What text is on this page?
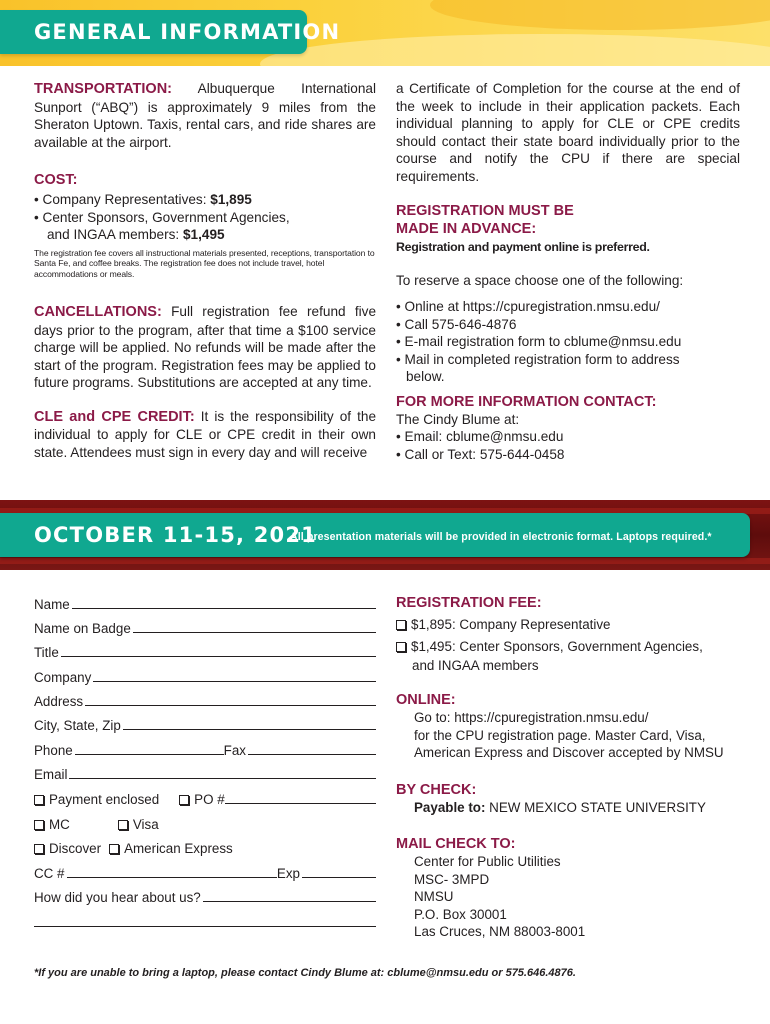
GENERAL INFORMATION

TRANSPORTATION: Albuquerque International Sunport (“ABQ”) is approximately 9 miles from the Sheraton Uptown. Taxis, rental cars, and ride shares are available at the airport.

COST:

• Company Representatives: $1,895

• Center Sponsors, Government Agencies,

and INGAA members: $1,495

The registration fee covers all instructional materials presented, receptions, transportation to Santa Fe, and coffee breaks. The registration fee does not include travel, hotel accommodations or meals.

CANCELLATIONS: Full registration fee refund five days prior to the program, after that time a $100 service charge will be applied. No refunds will be made after the start of the program. Registration fees may be applied to future programs. Substitutions are accepted at any time.

CLE and CPE CREDIT: It is the responsibility of the individual to apply for CLE or CPE credit in their own state. Attendees must sign in every day and will receive

a Certificate of Completion for the course at the end of the week to include in their application packets. Each individual planning to apply for CLE or CPE credits should contact their state board individually prior to the course and notify the CPU if there are special requirements.

REGISTRATION MUST BE

MADE IN ADVANCE:

Registration and payment online is preferred.

To reserve a space choose one of the following:

• Online at https://cpuregistration.nmsu.edu/

• Call 575-646-4876

• E-mail registration form to cblume@nmsu.edu

• Mail in completed registration form to address

below.

FOR MORE INFORMATION CONTACT:

The Cindy Blume at:

• Email: cblume@nmsu.edu

• Call or Text: 575-644-0458

OCTOBER 11-15, 2021
All presentation materials will be provided in electronic format. Laptops required.*
Name
Name on Badge
Title
Company
Address
City, State, Zip
Phone	Fax
Email
Payment enclosed	PO #
MC	Visa
Discover American Express
CC #	Exp
How did you hear about us?

REGISTRATION FEE:

$1,895: Company Representative

$1,495: Center Sponsors, Government Agencies,

and INGAA members

ONLINE:

Go to: https://cpuregistration.nmsu.edu/

for the CPU registration page. Master Card, Visa,

American Express and Discover accepted by NMSU

BY CHECK:

Payable to: NEW MEXICO STATE UNIVERSITY

MAIL CHECK TO:

Center for Public Utilities

MSC- 3MPD

NMSU

P.O. Box 30001

Las Cruces, NM 88003-8001

*If you are unable to bring a laptop, please contact Cindy Blume at: cblume@nmsu.edu or 575.646.4876.
